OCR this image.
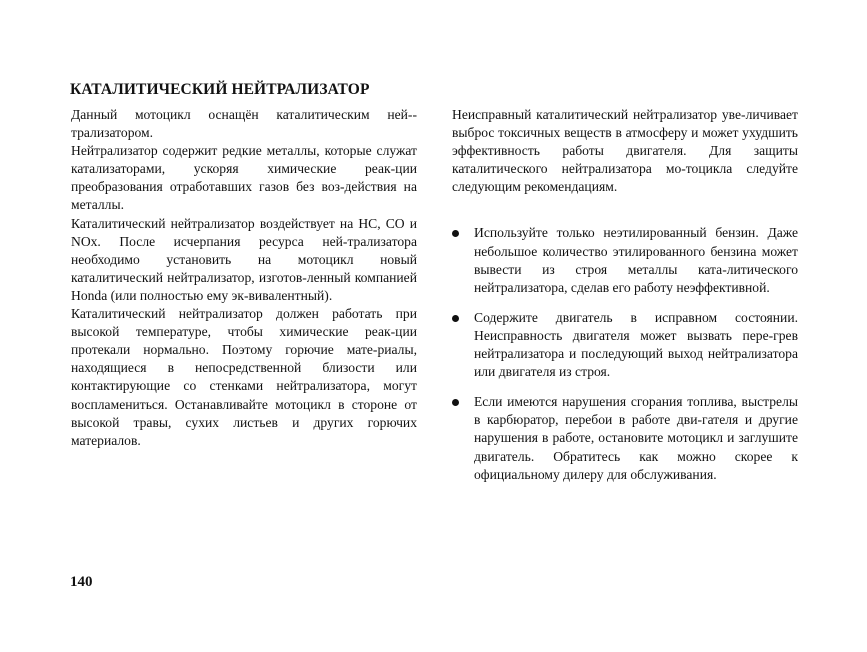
КАТАЛИТИЧЕСКИЙ НЕЙТРАЛИЗАТОР

Данный мотоцикл оснащён каталитическим ней-трализатором.

Нейтрализатор содержит редкие металлы, которые служат катализаторами, ускоряя химические реак-ции преобразования отработавших газов без воз-действия на металлы.

Каталитический нейтрализатор воздействует на HC, CO и NOx. После исчерпания ресурса ней-трализатора необходимо установить на мотоцикл новый каталитический нейтрализатор, изготов-ленный компанией Honda (или полностью ему эк-вивалентный).

Каталитический нейтрализатор должен работать при высокой температуре, чтобы химические реак-ции протекали нормально. Поэтому горючие мате-риалы, находящиеся в непосредственной близости или контактирующие со стенками нейтрализатора, могут воспламениться. Останавливайте мотоцикл в стороне от высокой травы, сухих листьев и других горючих материалов.

Неисправный каталитический нейтрализатор уве-личивает выброс токсичных веществ в атмосферу и может ухудшить эффективность работы двигателя. Для защиты каталитического нейтрализатора мо-тоцикла следуйте следующим рекомендациям.

Используйте только неэтилированный бензин. Даже небольшое количество этилированного бензина может вывести из строя металлы ката-литического нейтрализатора, сделав его работу неэффективной.
Содержите двигатель в исправном состоянии. Неисправность двигателя может вызвать пере-грев нейтрализатора и последующий выход нейтрализатора или двигателя из строя.
Если имеются нарушения сгорания топлива, выстрелы в карбюратор, перебои в работе дви-гателя и другие нарушения в работе, остановите мотоцикл и заглушите двигатель. Обратитесь как можно скорее к официальному дилеру для обслуживания.
140
